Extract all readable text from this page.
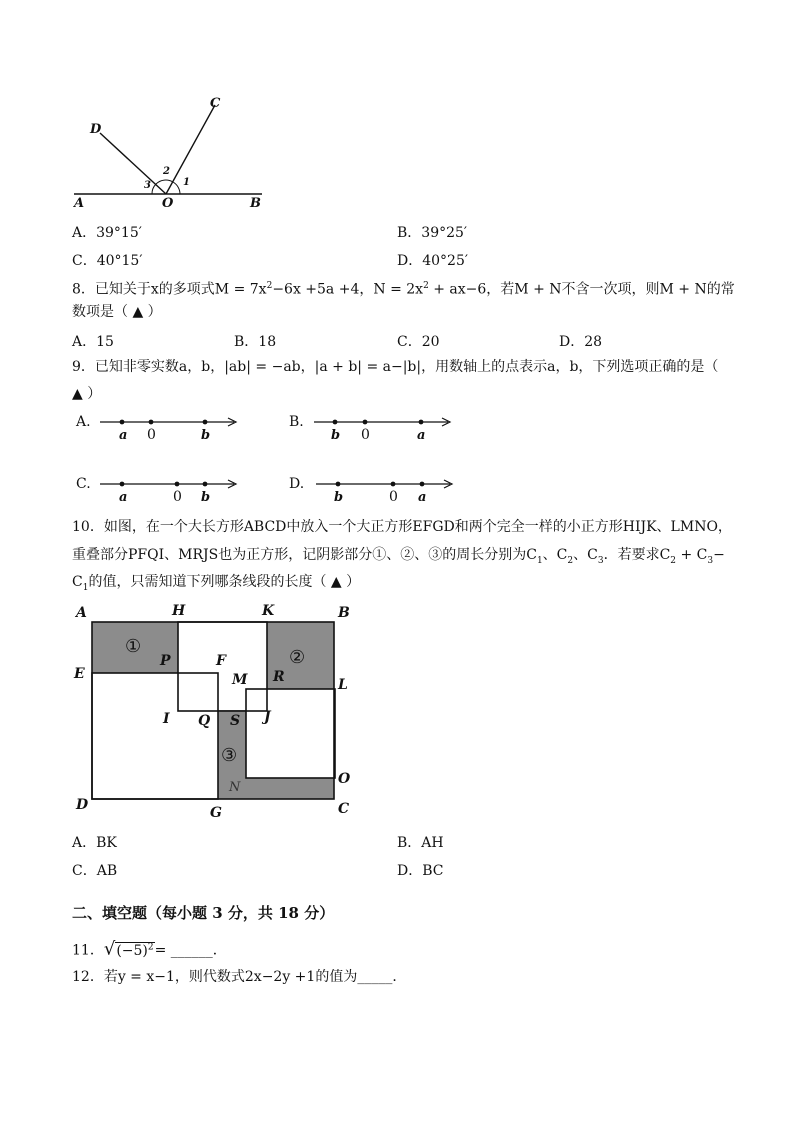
A	O	B
C
D
1
2
3
A．39°15′	B．39°25′
C．40°15′	D．40°25′
8．已知关于x的多项式$M = 7x^2-6x +5a +4$，$N = 2x^2 + ax-6$，若M + N不含一次项，则M + N的常
数项是（ ▲ ）
A．15	B．18	C．20	D．28
9．已知非零实数a，b，|ab| = −ab，|a + b| = a−|b|，用数轴上的点表示a，b，下列选项正确的是（
▲ ）
A.
a 0	b
B.
b 0	a
C.
a	0 b
D.
b	0 a
10．如图，在一个大长方形ABCD中放入一个大正方形EFGD和两个完全一样的小正方形HIJK、LMNO，
重叠部分PFQI、MRJS也为正方形，记阴影部分①、②、③的周长分别为$C_1$、$C_2$、$C_3$．若要求$C_2 + C_3-$
$C_1$的值，只需知道下列哪条线段的长度（ ▲ ）
A	H	K	B
E
P	F
R	L
M
I Q S J
O
N
D	G	C
①
②
③
A．BK	B．AH
C．AB	D．BC
二、填空题（每小题 3 分，共 18 分）
11．$√(-5)^2=$ ______．
12．若y = x−1，则代数式2x−2y +1的值为_____．
